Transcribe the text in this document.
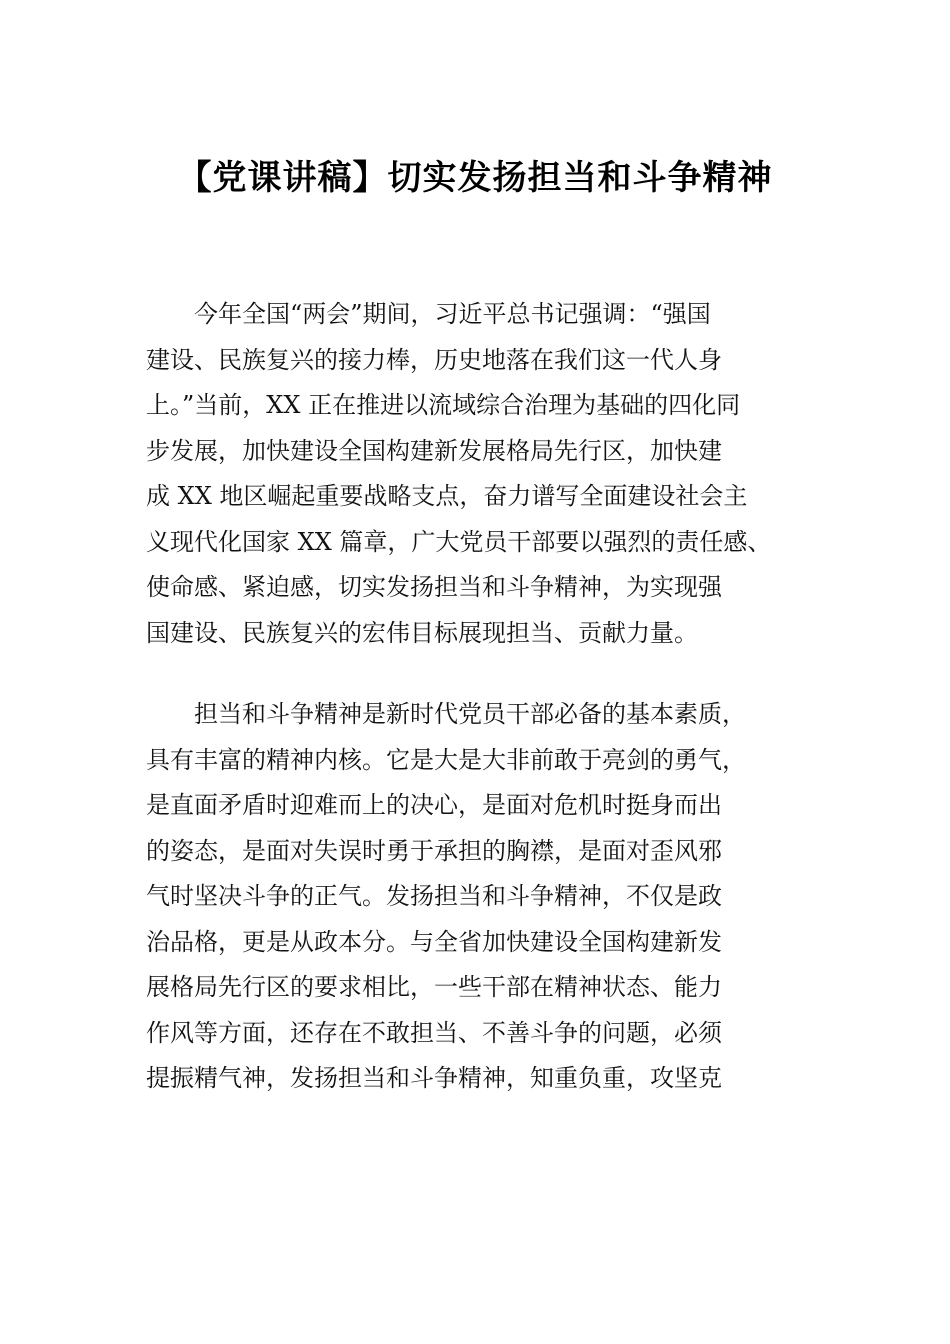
【党课讲稿】切实发扬担当和斗争精神
　　今年全国“两会”期间，习近平总书记强调：“强国
建设、民族复兴的接力棒，历史地落在我们这一代人身
上。”当前，XX 正在推进以流域综合治理为基础的四化同
步发展，加快建设全国构建新发展格局先行区，加快建
成 XX 地区崛起重要战略支点，奋力谱写全面建设社会主
义现代化国家 XX 篇章，广大党员干部要以强烈的责任感、
使命感、紧迫感，切实发扬担当和斗争精神，为实现强
国建设、民族复兴的宏伟目标展现担当、贡献力量。
　　担当和斗争精神是新时代党员干部必备的基本素质，
具有丰富的精神内核。它是大是大非前敢于亮剑的勇气，
是直面矛盾时迎难而上的决心，是面对危机时挺身而出
的姿态，是面对失误时勇于承担的胸襟，是面对歪风邪
气时坚决斗争的正气。发扬担当和斗争精神，不仅是政
治品格，更是从政本分。与全省加快建设全国构建新发
展格局先行区的要求相比，一些干部在精神状态、能力
作风等方面，还存在不敢担当、不善斗争的问题，必须
提振精气神，发扬担当和斗争精神，知重负重，攻坚克
